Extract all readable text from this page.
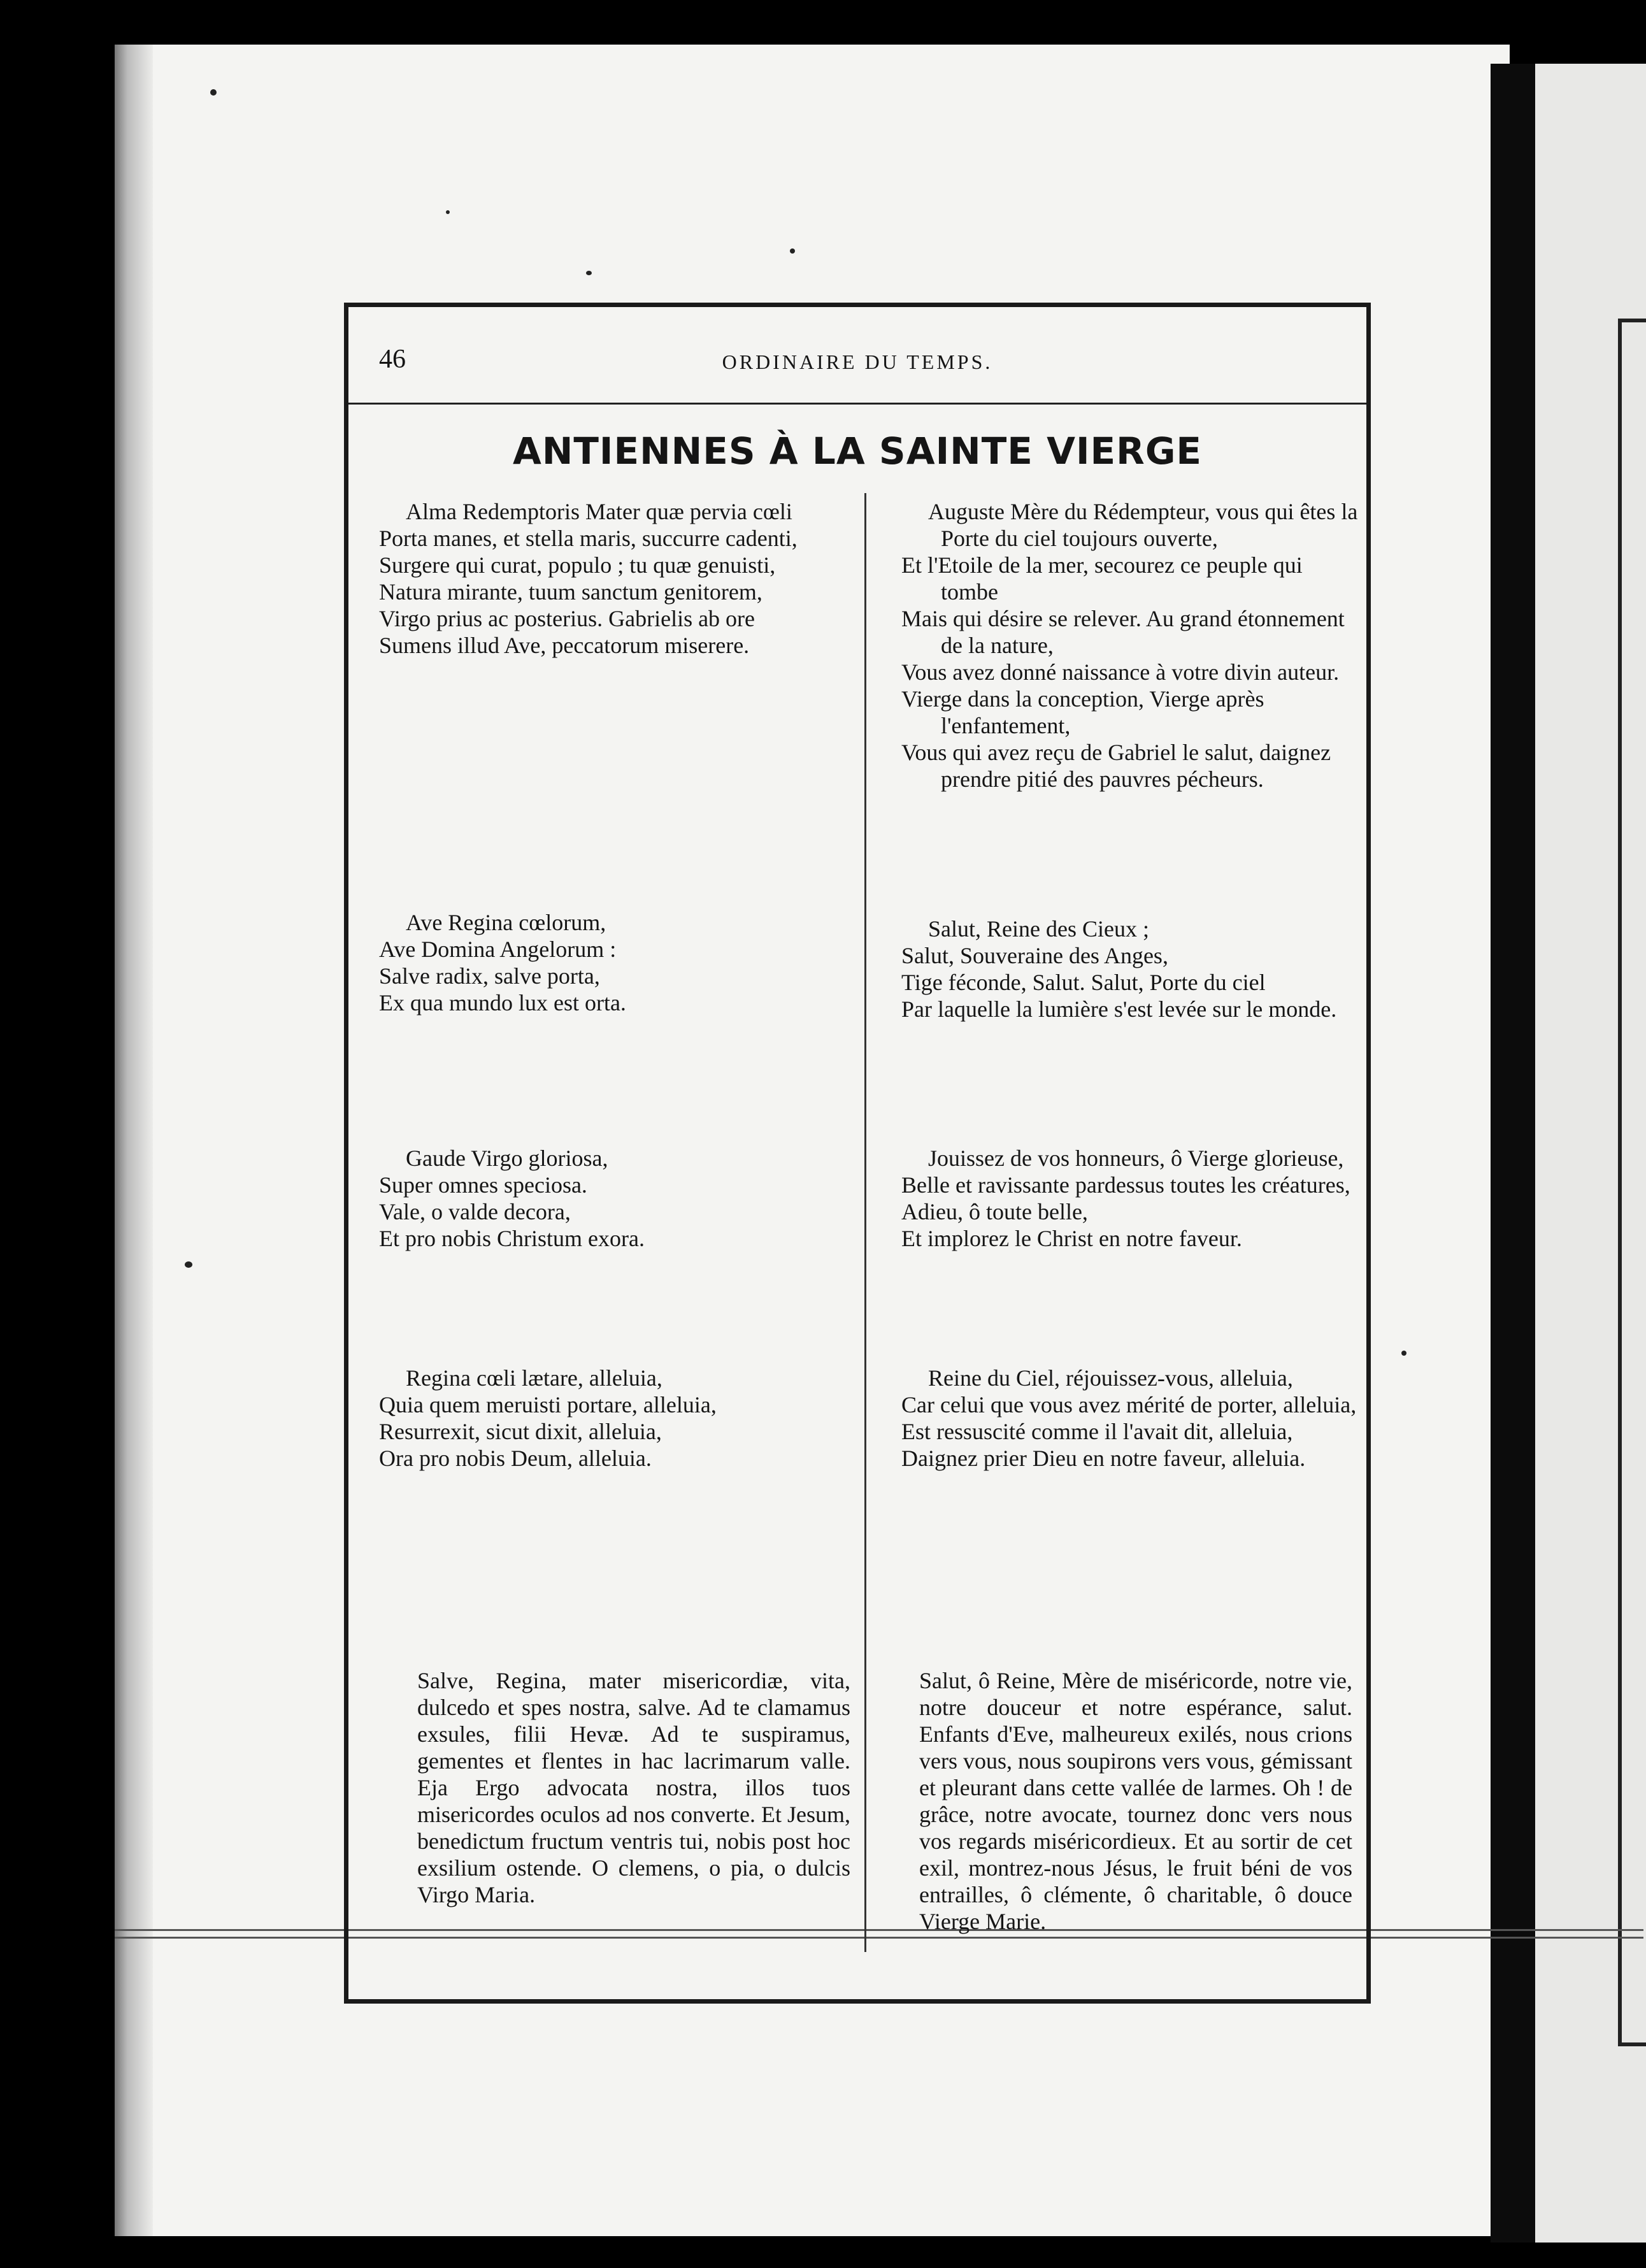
46	ORDINAIRE DU TEMPS.
ANTIENNES À LA SAINTE VIERGE
Alma Redemptoris Mater quæ pervia cœli
Porta manes, et stella maris, succurre cadenti,
Surgere qui curat, populo ; tu quæ genuisti,
Natura mirante, tuum sanctum genitorem,
Virgo prius ac posterius. Gabrielis ab ore
Sumens illud Ave, peccatorum miserere.
Ave Regina cœlorum,
Ave Domina Angelorum :
Salve radix, salve porta,
Ex qua mundo lux est orta.
Gaude Virgo gloriosa,
Super omnes speciosa.
Vale, o valde decora,
Et pro nobis Christum exora.
Regina cœli lætare, alleluia,
Quia quem meruisti portare, alleluia,
Resurrexit, sicut dixit, alleluia,
Ora pro nobis Deum, alleluia.
Salve, Regina, mater misericordiæ, vita, dulcedo et spes nostra, salve. Ad te clamamus exsules, filii Hevæ. Ad te suspiramus, gementes et flentes in hac lacrimarum valle. Eja Ergo advocata nostra, illos tuos misericordes oculos ad nos converte. Et Jesum, benedictum fructum ventris tui, nobis post hoc exsilium ostende. O clemens, o pia, o dulcis Virgo Maria.
Auguste Mère du Rédempteur, vous qui êtes la Porte du ciel toujours ouverte,
Et l'Etoile de la mer, secourez ce peuple qui tombe
Mais qui désire se relever. Au grand étonnement de la nature,
Vous avez donné naissance à votre divin auteur.
Vierge dans la conception, Vierge après l'enfantement,
Vous qui avez reçu de Gabriel le salut, daignez prendre pitié des pauvres pécheurs.
Salut, Reine des Cieux ;
Salut, Souveraine des Anges,
Tige féconde, Salut. Salut, Porte du ciel
Par laquelle la lumière s'est levée sur le monde.
Jouissez de vos honneurs, ô Vierge glorieuse,
Belle et ravissante pardessus toutes les créatures,
Adieu, ô toute belle,
Et implorez le Christ en notre faveur.
Reine du Ciel, réjouissez-vous, alleluia,
Car celui que vous avez mérité de porter, alleluia,
Est ressuscité comme il l'avait dit, alleluia,
Daignez prier Dieu en notre faveur, alleluia.
Salut, ô Reine, Mère de miséricorde, notre vie, notre douceur et notre espérance, salut. Enfants d'Eve, malheureux exilés, nous crions vers vous, nous soupirons vers vous, gémissant et pleurant dans cette vallée de larmes. Oh ! de grâce, notre avocate, tournez donc vers nous vos regards miséricordieux. Et au sortir de cet exil, montrez-nous Jésus, le fruit béni de vos entrailles, ô clémente, ô charitable, ô douce Vierge Marie.
